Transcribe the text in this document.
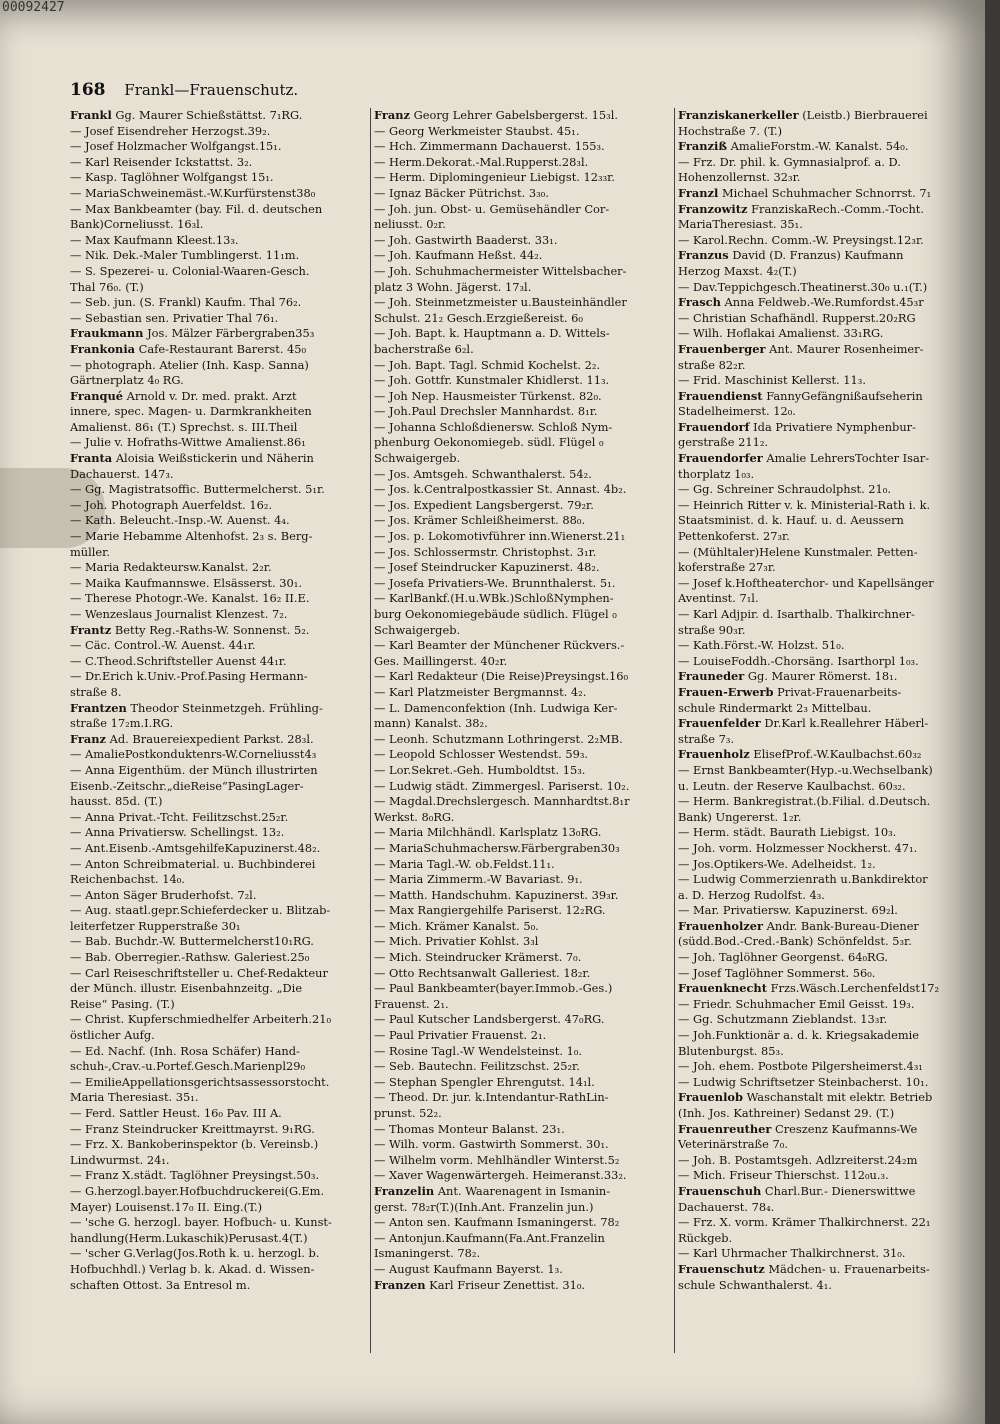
00092427
168 Frankl—Frauenschutz.
Frankl Gg. Maurer Schießstättst. 7₁RG.
— Josef Eisendreher Herzogst.39₂.
— Josef Holzmacher Wolfgangst.15₁.
— Karl Reisender Ickstattst. 3₂.
— Kasp. Taglöhner Wolfgangst 15₁.
— MariaSchweinemäst.-W.Kurfürstenst38₀
— Max Bankbeamter (bay. Fil. d. deutschen
Bank)Corneliusst. 16₃l.
— Max Kaufmann Kleest.13₃.
— Nik. Dek.-Maler Tumblingerst. 11₁m.
— S. Spezerei- u. Colonial-Waaren-Gesch.
Thal 76₀. (T.)
— Seb. jun. (S. Frankl) Kaufm. Thal 76₂.
— Sebastian sen. Privatier Thal 76₁.
Fraukmann Jos. Mälzer Färbergraben35₃
Frankonia Cafe-Restaurant Barerst. 45₀
— photograph. Atelier (Inh. Kasp. Sanna)
Gärtnerplatz 4₀ RG.
Franqué Arnold v. Dr. med. prakt. Arzt
innere, spec. Magen- u. Darmkrankheiten
Amalienst. 86₁ (T.) Sprechst. s. III.Theil
— Julie v. Hofraths-Wittwe Amalienst.86₁
Franta Aloisia Weißstickerin und Näherin
Dachauerst. 147₃.
— Gg. Magistratsoffic. Buttermelcherst. 5₁r.
— Joh. Photograph Auerfeldst. 16₂.
— Kath. Beleucht.-Insp.-W. Auenst. 4₄.
— Marie Hebamme Altenhofst. 2₃ s. Berg-
müller.
— Maria Redakteursw.Kanalst. 2₂r.
— Maika Kaufmannswe. Elsässerst. 30₁.
— Therese Photogr.-We. Kanalst. 16₂ II.E.
— Wenzeslaus Journalist Klenzest. 7₂.
Frantz Betty Reg.-Raths-W. Sonnenst. 5₂.
— Cäc. Control.-W. Auenst. 44₁r.
— C.Theod.Schriftsteller Auenst 44₁r.
— Dr.Erich k.Univ.-Prof.Pasing Hermann-
straße 8.
Frantzen Theodor Steinmetzgeh. Frühling-
straße 17₂m.I.RG.
Franz Ad. Brauereiexpedient Parkst. 28₃l.
— AmaliePostkonduktenrs-W.Corneliusst4₃
— Anna Eigenthüm. der Münch illustrirten
Eisenb.-Zeitschr.„dieReise“PasingLager-
hausst. 85d. (T.)
— Anna Privat.-Tcht. Feilitzschst.25₂r.
— Anna Privatiersw. Schellingst. 13₂.
— Ant.Eisenb.-AmtsgehilfeKapuzinerst.48₂.
— Anton Schreibmaterial. u. Buchbinderei
Reichenbachst. 14₀.
— Anton Säger Bruderhofst. 7₂l.
— Aug. staatl.gepr.Schieferdecker u. Blitzab-
leiterfetzer Rupperstraße 30₁
— Bab. Buchdr.-W. Buttermelcherst10₁RG.
— Bab. Oberregier.-Rathsw. Galeriest.25₀
— Carl Reiseschriftsteller u. Chef-Redakteur
der Münch. illustr. Eisenbahnzeitg. „Die
Reise“ Pasing. (T.)
— Christ. Kupferschmiedhelfer Arbeiterh.21₀
östlicher Aufg.
— Ed. Nachf. (Inh. Rosa Schäfer) Hand-
schuh-,Crav.-u.Portef.Gesch.Marienpl29₀
— EmilieAppellationsgerichtsassessorstocht.
Maria Theresiast. 35₁.
— Ferd. Sattler Heust. 16₀ Pav. III A.
— Franz Steindrucker Kreittmayrst. 9₁RG.
— Frz. X. Bankoberinspektor (b. Vereinsb.)
Lindwurmst. 24₁.
— Franz X.städt. Taglöhner Preysingst.50₃.
— G.herzogl.bayer.Hofbuchdruckerei(G.Em.
Mayer) Louisenst.17₀ II. Eing.(T.)
— 'sche G. herzogl. bayer. Hofbuch- u. Kunst-
handlung(Herm.Lukaschik)Perusast.4(T.)
— 'scher G.Verlag(Jos.Roth k. u. herzogl. b.
Hofbuchhdl.) Verlag b. k. Akad. d. Wissen-
schaften Ottost. 3a Entresol m.
Franz Georg Lehrer Gabelsbergerst. 15₃l.
— Georg Werkmeister Staubst. 45₁.
— Hch. Zimmermann Dachauerst. 155₃.
— Herm.Dekorat.-Mal.Rupperst.28₃l.
— Herm. Diplomingenieur Liebigst. 12₃₃r.
— Ignaz Bäcker Pütrichst. 3₃₀.
— Joh. jun. Obst- u. Gemüsehändler Cor-
neliusst. 0₂r.
— Joh. Gastwirth Baaderst. 33₁.
— Joh. Kaufmann Heßst. 44₂.
— Joh. Schuhmachermeister Wittelsbacher-
platz 3 Wohn. Jägerst. 17₃l.
— Joh. Steinmetzmeister u.Bausteinhändler
Schulst. 21₂ Gesch.Erzgießereist. 6₀
— Joh. Bapt. k. Hauptmann a. D. Wittels-
bacherstraße 6₂l.
— Joh. Bapt. Tagl. Schmid Kochelst. 2₂.
— Joh. Gottfr. Kunstmaler Khidlerst. 11₃.
— Joh Nep. Hausmeister Türkenst. 82₀.
— Joh.Paul Drechsler Mannhardst. 8₁r.
— Johanna Schloßdienersw. Schloß Nym-
phenburg Oekonomiegeb. südl. Flügel ₀
Schwaigergeb.
— Jos. Amtsgeh. Schwanthalerst. 54₂.
— Jos. k.Centralpostkassier St. Annast. 4b₂.
— Jos. Expedient Langsbergerst. 79₂r.
— Jos. Krämer Schleißheimerst. 88₀.
— Jos. p. Lokomotivführer inn.Wienerst.21₁
— Jos. Schlossermstr. Christophst. 3₁r.
— Josef Steindrucker Kapuzinerst. 48₂.
— Josefa Privatiers-We. Brunnthalerst. 5₁.
— KarlBankf.(H.u.WBk.)SchloßNymphen-
burg Oekonomiegebäude südlich. Flügel ₀
Schwaigergeb.
— Karl Beamter der Münchener Rückvers.-
Ges. Maillingerst. 40₂r.
— Karl Redakteur (Die Reise)Preysingst.16₀
— Karl Platzmeister Bergmannst. 4₂.
— L. Damenconfektion (Inh. Ludwiga Ker-
mann) Kanalst. 38₂.
— Leonh. Schutzmann Lothringerst. 2₂MB.
— Leopold Schlosser Westendst. 59₃.
— Lor.Sekret.-Geh. Humboldtst. 15₃.
— Ludwig städt. Zimmergesl. Pariserst. 10₂.
— Magdal.Drechslergesch. Mannhardtst.8₁r
Werkst. 8₀RG.
— Maria Milchhändl. Karlsplatz 13₀RG.
— MariaSchuhmachersw.Färbergraben30₃
— Maria Tagl.-W. ob.Feldst.11₁.
— Maria Zimmerm.-W Bavariast. 9₁.
— Matth. Handschuhm. Kapuzinerst. 39₃r.
— Max Rangiergehilfe Pariserst. 12₂RG.
— Mich. Krämer Kanalst. 5₀.
— Mich. Privatier Kohlst. 3₃l
— Mich. Steindrucker Krämerst. 7₀.
— Otto Rechtsanwalt Galleriest. 18₂r.
— Paul Bankbeamter(bayer.Immob.-Ges.)
Frauenst. 2₁.
— Paul Kutscher Landsbergerst. 47₀RG.
— Paul Privatier Frauenst. 2₁.
— Rosine Tagl.-W Wendelsteinst. 1₀.
— Seb. Bautechn. Feilitzschst. 25₂r.
— Stephan Spengler Ehrengutst. 14₁l.
— Theod. Dr. jur. k.Intendantur-RathLin-
prunst. 52₂.
— Thomas Monteur Balanst. 23₁.
— Wilh. vorm. Gastwirth Sommerst. 30₁.
— Wilhelm vorm. Mehlhändler Winterst.5₂
— Xaver Wagenwärtergeh. Heimeranst.33₂.
Franzelin Ant. Waarenagent in Ismanin-
gerst. 78₂r(T.)(Inh.Ant. Franzelin jun.)
— Anton sen. Kaufmann Ismaningerst. 78₂
— Antonjun.Kaufmann(Fa.Ant.Franzelin
Ismaningerst. 78₂.
— August Kaufmann Bayerst. 1₃.
Franzen Karl Friseur Zenettist. 31₀.
Franziskanerkeller (Leistb.) Bierbrauerei
Hochstraße 7. (T.)
Franziß AmalieForstm.-W. Kanalst. 54₀.
— Frz. Dr. phil. k. Gymnasialprof. a. D.
Hohenzollernst. 32₃r.
Franzl Michael Schuhmacher Schnorrst. 7₁
Franzowitz FranziskaRech.-Comm.-Tocht.
MariaTheresiast. 35₁.
— Karol.Rechn. Comm.-W. Preysingst.12₃r.
Franzus David (D. Franzus) Kaufmann
Herzog Maxst. 4₂(T.)
— Dav.Teppichgesch.Theatinerst.30₀ u.₁(T.)
Frasch Anna Feldweb.-We.Rumfordst.45₃r
— Christian Schafhändl. Rupperst.20₂RG
— Wilh. Hoflakai Amalienst. 33₁RG.
Frauenberger Ant. Maurer Rosenheimer-
straße 82₂r.
— Frid. Maschinist Kellerst. 11₃.
Frauendienst FannyGefängnißaufseherin
Stadelheimerst. 12₀.
Frauendorf Ida Privatiere Nymphenbur-
gerstraße 211₂.
Frauendorfer Amalie LehrersTochter Isar-
thorplatz 1₀₃.
— Gg. Schreiner Schraudolphst. 21₀.
— Heinrich Ritter v. k. Ministerial-Rath i. k.
Staatsminist. d. k. Hauf. u. d. Aeussern
Pettenkoferst. 27₃r.
— (Mühltaler)Helene Kunstmaler. Petten-
koferstraße 27₃r.
— Josef k.Hoftheaterchor- und Kapellsänger
Aventinst. 7₁l.
— Karl Adjpir. d. Isarthalb. Thalkirchner-
straße 90₃r.
— Kath.Först.-W. Holzst. 51₀.
— LouiseFoddh.-Chorsäng. Isarthorpl 1₀₃.
Frauneder Gg. Maurer Römerst. 18₁.
Frauen-Erwerb Privat-Frauenarbeits-
schule Rindermarkt 2₃ Mittelbau.
Frauenfelder Dr.Karl k.Reallehrer Häberl-
straße 7₃.
Frauenholz ElisefProf.-W.Kaulbachst.60₃₂
— Ernst Bankbeamter(Hyp.-u.Wechselbank)
u. Leutn. der Reserve Kaulbachst. 60₃₂.
— Herm. Bankregistrat.(b.Filial. d.Deutsch.
Bank) Ungererst. 1₂r.
— Herm. städt. Baurath Liebigst. 10₃.
— Joh. vorm. Holzmesser Nockherst. 47₁.
— Jos.Optikers-We. Adelheidst. 1₂.
— Ludwig Commerzienrath u.Bankdirektor
a. D. Herzog Rudolfst. 4₃.
— Mar. Privatiersw. Kapuzinerst. 69₂l.
Frauenholzer Andr. Bank-Bureau-Diener
(südd.Bod.-Cred.-Bank) Schönfeldst. 5₃r.
— Joh. Taglöhner Georgenst. 64₀RG.
— Josef Taglöhner Sommerst. 56₀.
Frauenknecht Frzs.Wäsch.Lerchenfeldst17₂
— Friedr. Schuhmacher Emil Geisst. 19₃.
— Gg. Schutzmann Zieblandst. 13₃r.
— Joh.Funktionär a. d. k. Kriegsakademie
Blutenburgst. 85₃.
— Joh. ehem. Postbote Pilgersheimerst.4₃₁
— Ludwig Schriftsetzer Steinbacherst. 10₁.
Frauenlob Waschanstalt mit elektr. Betrieb
(Inh. Jos. Kathreiner) Sedanst 29. (T.)
Frauenreuther Creszenz Kaufmanns-We
Veterinärstraße 7₀.
— Joh. B. Postamtsgeh. Adlzreiterst.24₂m
— Mich. Friseur Thierschst. 112₀u.₃.
Frauenschuh Charl.Bur.- Dienerswittwe
Dachauerst. 78₄.
— Frz. X. vorm. Krämer Thalkirchnerst. 22₁
Rückgeb.
— Karl Uhrmacher Thalkirchnerst. 31₀.
Frauenschutz Mädchen- u. Frauenarbeits-
schule Schwanthalerst. 4₁.
